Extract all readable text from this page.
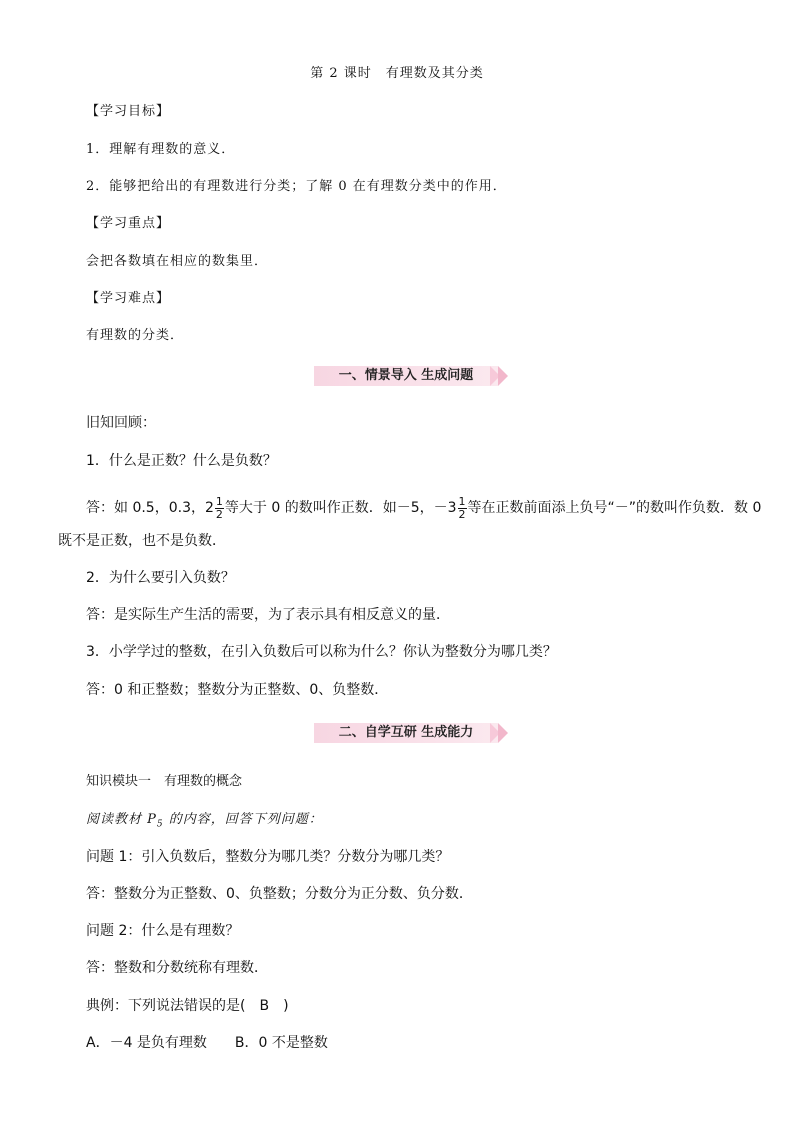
第 2 课时　有理数及其分类
【学习目标】
1．理解有理数的意义．
2．能够把给出的有理数进行分类；了解 0 在有理数分类中的作用．
【学习重点】
会把各数填在相应的数集里．
【学习难点】
有理数的分类．
一、情景导入 生成问题
旧知回顾：
1．什么是正数？什么是负数？
答：如 0.5，0.3，$2 \frac{1}{2}$ 等大于 0 的数叫作正数．如－5，$-3 \frac{1}{2}$ 等在正数前面添上负号“－”的数叫作负数．数 0
既不是正数，也不是负数．
2．为什么要引入负数？
答：是实际生产生活的需要，为了表示具有相反意义的量．
3．小学学过的整数，在引入负数后可以称为什么？你认为整数分为哪几类？
答：0 和正整数；整数分为正整数、0、负整数．
二、自学互研 生成能力
知识模块一　有理数的概念
阅读教材 $P_5$ 的内容，回答下列问题：
问题 1：引入负数后，整数分为哪几类？分数分为哪几类？
答：整数分为正整数、0、负整数；分数分为正分数、负分数．
问题 2：什么是有理数？
答：整数和分数统称有理数．
典例：下列说法错误的是(　B　)
A．－4 是负有理数　　B．0 不是整数
